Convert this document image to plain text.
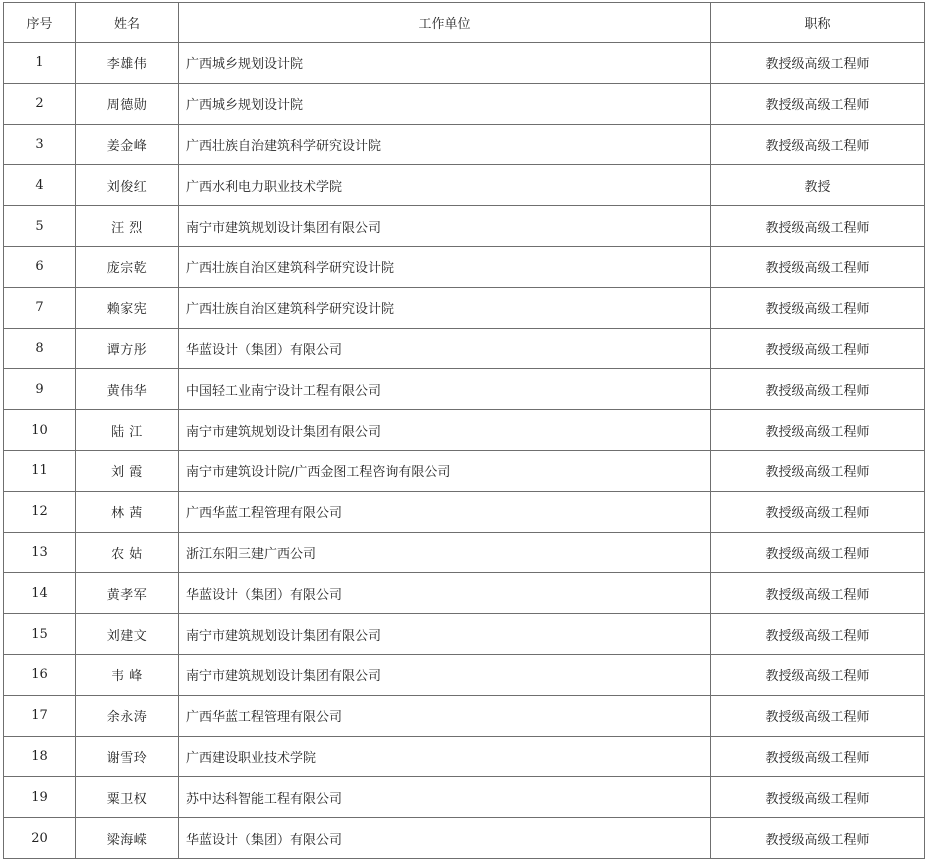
序号	姓名	工作单位	职称
1	李雄伟	广西城乡规划设计院	教授级高级工程师
2	周德勋	广西城乡规划设计院	教授级高级工程师
3	姜金峰	广西壮族自治建筑科学研究设计院	教授级高级工程师
4	刘俊红	广西水利电力职业技术学院	教授
5	汪 烈	南宁市建筑规划设计集团有限公司	教授级高级工程师
6	庞宗乾	广西壮族自治区建筑科学研究设计院	教授级高级工程师
7	赖家宪	广西壮族自治区建筑科学研究设计院	教授级高级工程师
8	谭方彤	华蓝设计（集团）有限公司	教授级高级工程师
9	黄伟华	中国轻工业南宁设计工程有限公司	教授级高级工程师
10	陆 江	南宁市建筑规划设计集团有限公司	教授级高级工程师
11	刘 霞	南宁市建筑设计院/广西金图工程咨询有限公司	教授级高级工程师
12	林 茜	广西华蓝工程管理有限公司	教授级高级工程师
13	农 姑	浙江东阳三建广西公司	教授级高级工程师
14	黄孝军	华蓝设计（集团）有限公司	教授级高级工程师
15	刘建文	南宁市建筑规划设计集团有限公司	教授级高级工程师
16	韦 峰	南宁市建筑规划设计集团有限公司	教授级高级工程师
17	余永涛	广西华蓝工程管理有限公司	教授级高级工程师
18	谢雪玲	广西建设职业技术学院	教授级高级工程师
19	粟卫权	苏中达科智能工程有限公司	教授级高级工程师
20	梁海嵘	华蓝设计（集团）有限公司	教授级高级工程师
